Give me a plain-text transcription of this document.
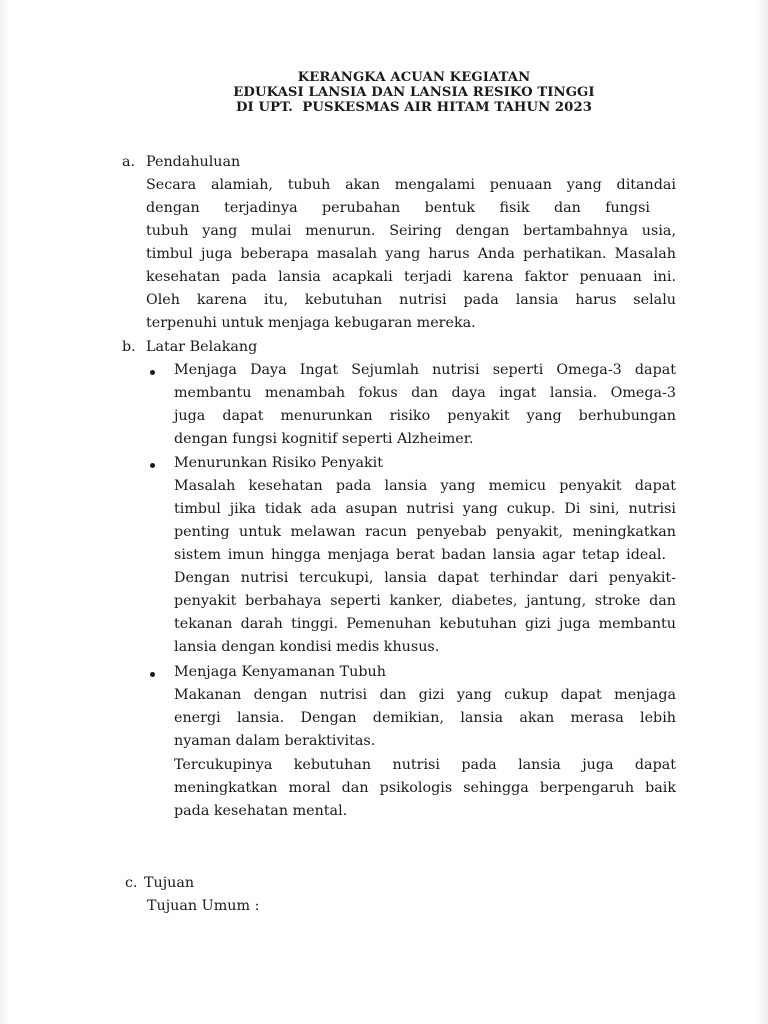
KERANGKA ACUAN KEGIATAN
EDUKASI LANSIA DAN LANSIA RESIKO TINGGI
DI UPT.  PUSKESMAS AIR HITAM TAHUN 2023
a. Pendahuluan
Secara alamiah, tubuh akan mengalami penuaan yang ditandai
dengan terjadinya perubahan bentuk fisik dan fungsi
tubuh yang mulai menurun. Seiring dengan bertambahnya usia,
timbul juga beberapa masalah yang harus Anda perhatikan. Masalah
kesehatan pada lansia acapkali terjadi karena faktor penuaan ini.
Oleh karena itu, kebutuhan nutrisi pada lansia harus selalu
terpenuhi untuk menjaga kebugaran mereka.
b. Latar Belakang
Menjaga Daya Ingat Sejumlah nutrisi seperti Omega-3 dapat
membantu menambah fokus dan daya ingat lansia. Omega-3
juga dapat menurunkan risiko penyakit yang berhubungan
dengan fungsi kognitif seperti Alzheimer.
Menurunkan Risiko Penyakit
Masalah kesehatan pada lansia yang memicu penyakit dapat
timbul jika tidak ada asupan nutrisi yang cukup. Di sini, nutrisi
penting untuk melawan racun penyebab penyakit, meningkatkan
sistem imun hingga menjaga berat badan lansia agar tetap ideal.
Dengan nutrisi tercukupi, lansia dapat terhindar dari penyakit-
penyakit berbahaya seperti kanker, diabetes, jantung, stroke dan
tekanan darah tinggi. Pemenuhan kebutuhan gizi juga membantu
lansia dengan kondisi medis khusus.
Menjaga Kenyamanan Tubuh
Makanan dengan nutrisi dan gizi yang cukup dapat menjaga
energi lansia. Dengan demikian, lansia akan merasa lebih
nyaman dalam beraktivitas.
Tercukupinya kebutuhan nutrisi pada lansia juga dapat
meningkatkan moral dan psikologis sehingga berpengaruh baik
pada kesehatan mental.
c. Tujuan
Tujuan Umum :
